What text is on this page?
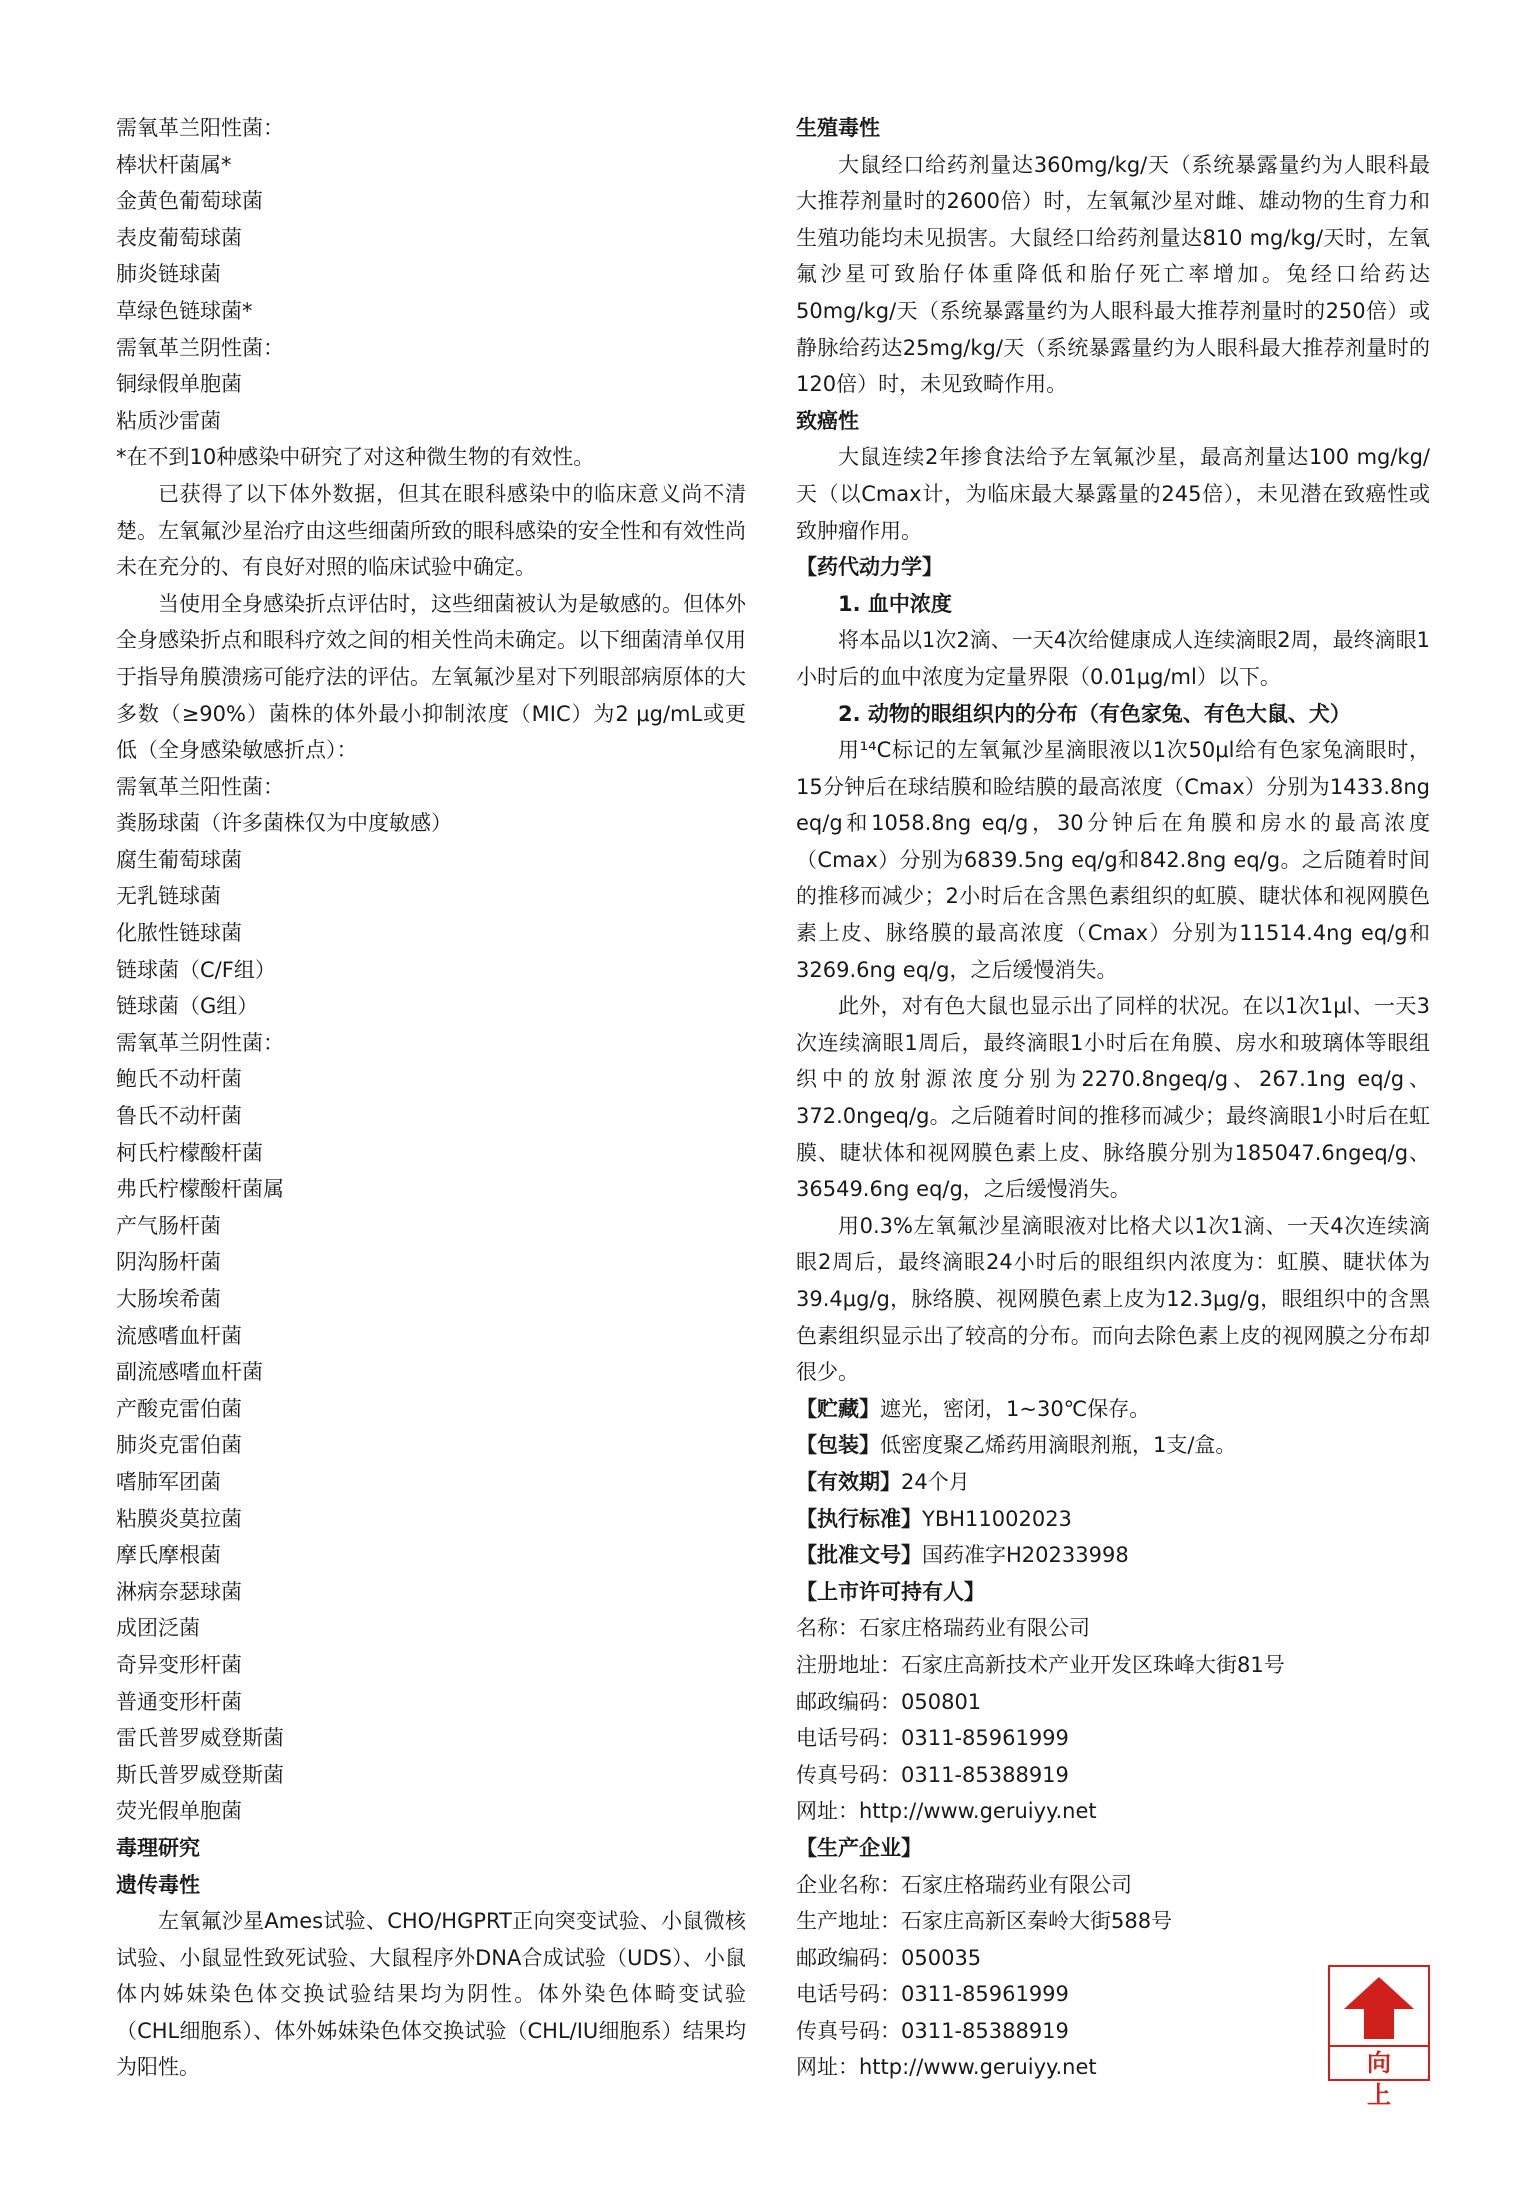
需氧革兰阳性菌：
棒状杆菌属*
金黄色葡萄球菌
表皮葡萄球菌
肺炎链球菌
草绿色链球菌*
需氧革兰阴性菌：
铜绿假单胞菌
粘质沙雷菌
*在不到10种感染中研究了对这种微生物的有效性。
已获得了以下体外数据，但其在眼科感染中的临床意义尚不清楚。左氧氟沙星治疗由这些细菌所致的眼科感染的安全性和有效性尚未在充分的、有良好对照的临床试验中确定。
当使用全身感染折点评估时，这些细菌被认为是敏感的。但体外全身感染折点和眼科疗效之间的相关性尚未确定。以下细菌清单仅用于指导角膜溃疡可能疗法的评估。左氧氟沙星对下列眼部病原体的大多数（≥90%）菌株的体外最小抑制浓度（MIC）为2 μg/mL或更低（全身感染敏感折点）：
需氧革兰阳性菌：
粪肠球菌（许多菌株仅为中度敏感）
腐生葡萄球菌
无乳链球菌
化脓性链球菌
链球菌（C/F组）
链球菌（G组）
需氧革兰阴性菌：
鲍氏不动杆菌
鲁氏不动杆菌
柯氏柠檬酸杆菌
弗氏柠檬酸杆菌属
产气肠杆菌
阴沟肠杆菌
大肠埃希菌
流感嗜血杆菌
副流感嗜血杆菌
产酸克雷伯菌
肺炎克雷伯菌
嗜肺军团菌
粘膜炎莫拉菌
摩氏摩根菌
淋病奈瑟球菌
成团泛菌
奇异变形杆菌
普通变形杆菌
雷氏普罗威登斯菌
斯氏普罗威登斯菌
荧光假单胞菌
毒理研究
遗传毒性
左氧氟沙星Ames试验、CHO/HGPRT正向突变试验、小鼠微核试验、小鼠显性致死试验、大鼠程序外DNA合成试验（UDS）、小鼠体内姊妹染色体交换试验结果均为阴性。体外染色体畸变试验（CHL细胞系）、体外姊妹染色体交换试验（CHL/IU细胞系）结果均为阳性。
生殖毒性
大鼠经口给药剂量达360mg/kg/天（系统暴露量约为人眼科最大推荐剂量时的2600倍）时，左氧氟沙星对雌、雄动物的生育力和生殖功能均未见损害。大鼠经口给药剂量达810 mg/kg/天时，左氧氟沙星可致胎仔体重降低和胎仔死亡率增加。兔经口给药达50mg/kg/天（系统暴露量约为人眼科最大推荐剂量时的250倍）或静脉给药达25mg/kg/天（系统暴露量约为人眼科最大推荐剂量时的120倍）时，未见致畸作用。
致癌性
大鼠连续2年掺食法给予左氧氟沙星，最高剂量达100 mg/kg/天（以Cmax计，为临床最大暴露量的245倍），未见潜在致癌性或致肿瘤作用。
【药代动力学】
1. 血中浓度
将本品以1次2滴、一天4次给健康成人连续滴眼2周，最终滴眼1小时后的血中浓度为定量界限（0.01μg/ml）以下。
2. 动物的眼组织内的分布（有色家兔、有色大鼠、犬）
用¹⁴C标记的左氧氟沙星滴眼液以1次50μl给有色家兔滴眼时，15分钟后在球结膜和睑结膜的最高浓度（Cmax）分别为1433.8ng eq/g和1058.8ng eq/g，30分钟后在角膜和房水的最高浓度（Cmax）分别为6839.5ng eq/g和842.8ng eq/g。之后随着时间的推移而减少；2小时后在含黑色素组织的虹膜、睫状体和视网膜色素上皮、脉络膜的最高浓度（Cmax）分别为11514.4ng eq/g和3269.6ng eq/g，之后缓慢消失。
此外，对有色大鼠也显示出了同样的状况。在以1次1μl、一天3次连续滴眼1周后，最终滴眼1小时后在角膜、房水和玻璃体等眼组织中的放射源浓度分别为2270.8ngeq/g、267.1ng eq/g、372.0ngeq/g。之后随着时间的推移而减少；最终滴眼1小时后在虹膜、睫状体和视网膜色素上皮、脉络膜分别为185047.6ngeq/g、36549.6ng eq/g，之后缓慢消失。
用0.3%左氧氟沙星滴眼液对比格犬以1次1滴、一天4次连续滴眼2周后，最终滴眼24小时后的眼组织内浓度为：虹膜、睫状体为39.4μg/g，脉络膜、视网膜色素上皮为12.3μg/g，眼组织中的含黑色素组织显示出了较高的分布。而向去除色素上皮的视网膜之分布却很少。
【贮藏】遮光，密闭，1~30℃保存。
【包装】低密度聚乙烯药用滴眼剂瓶，1支/盒。
【有效期】24个月
【执行标准】YBH11002023
【批准文号】国药准字H20233998
【上市许可持有人】
名称：石家庄格瑞药业有限公司
注册地址：石家庄高新技术产业开发区珠峰大街81号
邮政编码：050801
电话号码：0311-85961999
传真号码：0311-85388919
网址：http://www.geruiyy.net
【生产企业】
企业名称：石家庄格瑞药业有限公司
生产地址：石家庄高新区秦岭大街588号
邮政编码：050035
电话号码：0311-85961999
传真号码：0311-85388919
网址：http://www.geruiyy.net	向上
